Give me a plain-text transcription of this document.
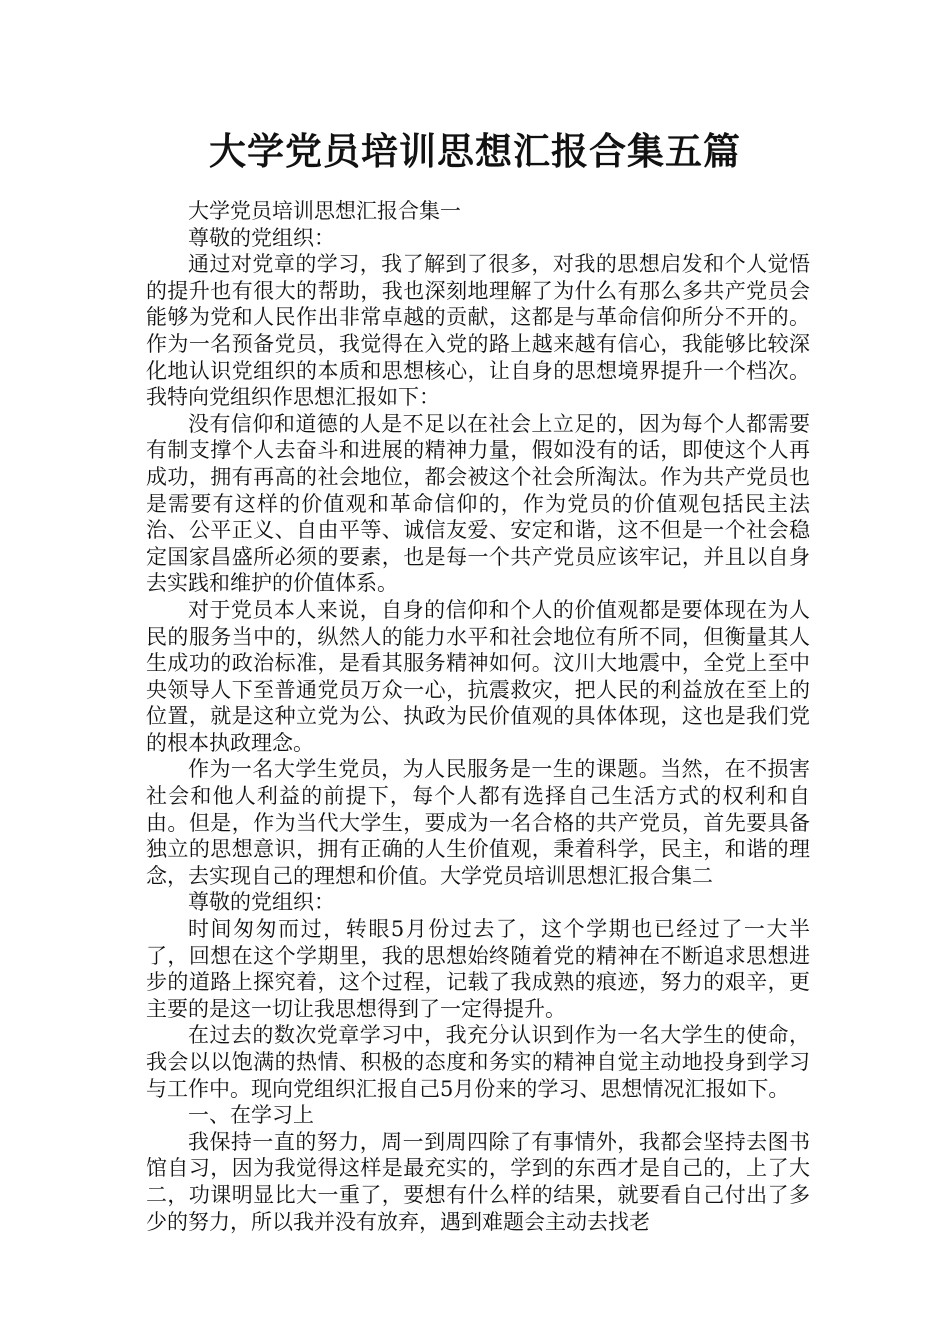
大学党员培训思想汇报合集五篇

大学党员培训思想汇报合集一

尊敬的党组织：

通过对党章的学习，我了解到了很多，对我的思想启发和个人觉悟的提升也有很大的帮助，我也深刻地理解了为什么有那么多共产党员会能够为党和人民作出非常卓越的贡献，这都是与革命信仰所分不开的。作为一名预备党员，我觉得在入党的路上越来越有信心，我能够比较深化地认识党组织的本质和思想核心，让自身的思想境界提升一个档次。我特向党组织作思想汇报如下：

没有信仰和道德的人是不足以在社会上立足的，因为每个人都需要有制支撑个人去奋斗和进展的精神力量，假如没有的话，即使这个人再成功，拥有再高的社会地位，都会被这个社会所淘汰。作为共产党员也是需要有这样的价值观和革命信仰的，作为党员的价值观包括民主法治、公平正义、自由平等、诚信友爱、安定和谐，这不但是一个社会稳定国家昌盛所必须的要素，也是每一个共产党员应该牢记，并且以自身去实践和维护的价值体系。

对于党员本人来说，自身的信仰和个人的价值观都是要体现在为人民的服务当中的，纵然人的能力水平和社会地位有所不同，但衡量其人生成功的政治标准，是看其服务精神如何。汶川大地震中，全党上至中央领导人下至普通党员万众一心，抗震救灾，把人民的利益放在至上的位置，就是这种立党为公、执政为民价值观的具体体现，这也是我们党的根本执政理念。

作为一名大学生党员，为人民服务是一生的课题。当然，在不损害社会和他人利益的前提下，每个人都有选择自己生活方式的权利和自由。但是，作为当代大学生，要成为一名合格的共产党员，首先要具备独立的思想意识，拥有正确的人生价值观，秉着科学，民主，和谐的理念，去实现自己的理想和价值。大学党员培训思想汇报合集二

尊敬的党组织：

时间匆匆而过，转眼5月份过去了，这个学期也已经过了一大半了，回想在这个学期里，我的思想始终随着党的精神在不断追求思想进步的道路上探究着，这个过程，记载了我成熟的痕迹，努力的艰辛，更主要的是这一切让我思想得到了一定得提升。

在过去的数次党章学习中，我充分认识到作为一名大学生的使命，我会以以饱满的热情、积极的态度和务实的精神自觉主动地投身到学习与工作中。现向党组织汇报自己5月份来的学习、思想情况汇报如下。

一、在学习上

我保持一直的努力，周一到周四除了有事情外，我都会坚持去图书馆自习，因为我觉得这样是最充实的，学到的东西才是自己的，上了大二，功课明显比大一重了，要想有什么样的结果，就要看自己付出了多少的努力，所以我并没有放弃，遇到难题会主动去找老
